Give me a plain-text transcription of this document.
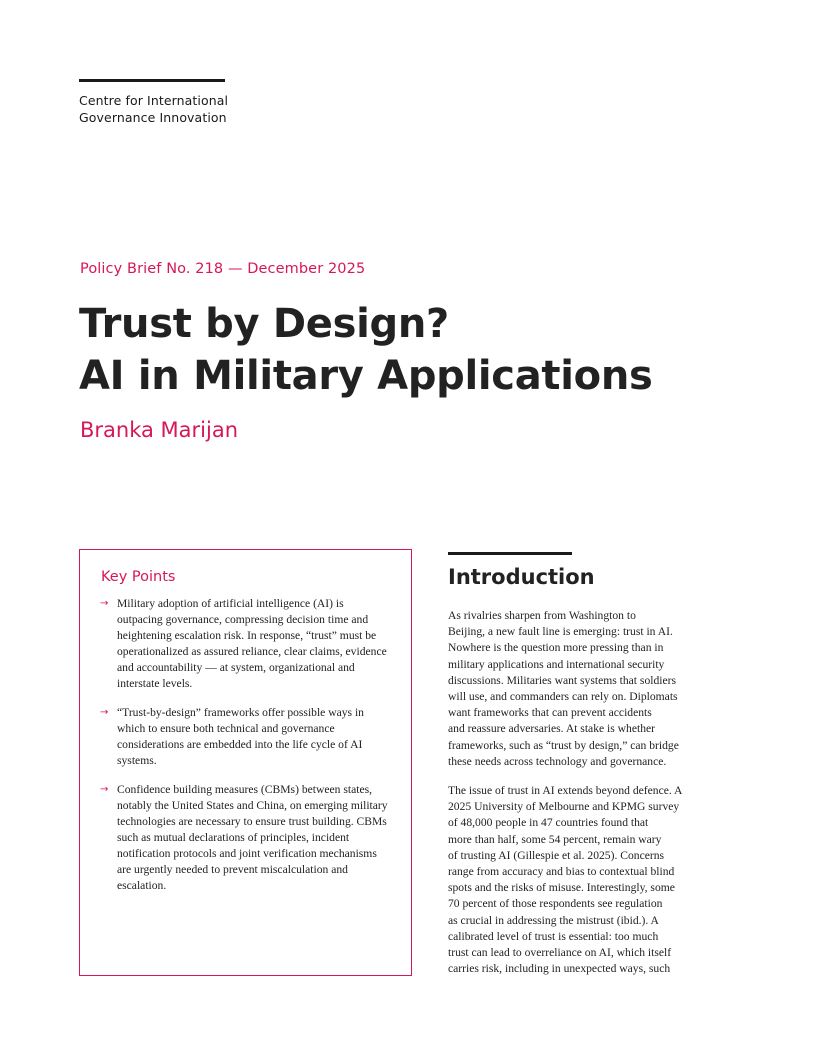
Centre for International
Governance Innovation
Policy Brief No. 218 — December 2025
Trust by Design?
AI in Military Applications
Branka Marijan
Key Points
→ Military adoption of artificial intelligence (AI) is outpacing governance, compressing decision time and heightening escalation risk. In response, “trust” must be operationalized as assured reliance, clear claims, evidence and accountability — at system, organizational and interstate levels.
→ “Trust-by-design” frameworks offer possible ways in which to ensure both technical and governance considerations are embedded into the life cycle of AI systems.
→ Confidence building measures (CBMs) between states, notably the United States and China, on emerging military technologies are necessary to ensure trust building. CBMs such as mutual declarations of principles, incident notification protocols and joint verification mechanisms are urgently needed to prevent miscalculation and escalation.
Introduction

As rivalries sharpen from Washington to
Beijing, a new fault line is emerging: trust in AI.
Nowhere is the question more pressing than in
military applications and international security
discussions. Militaries want systems that soldiers
will use, and commanders can rely on. Diplomats
want frameworks that can prevent accidents
and reassure adversaries. At stake is whether
frameworks, such as “trust by design,” can bridge
these needs across technology and governance.

The issue of trust in AI extends beyond defence. A
2025 University of Melbourne and KPMG survey
of 48,000 people in 47 countries found that
more than half, some 54 percent, remain wary
of trusting AI (Gillespie et al. 2025). Concerns
range from accuracy and bias to contextual blind
spots and the risks of misuse. Interestingly, some
70 percent of those respondents see regulation
as crucial in addressing the mistrust (ibid.). A
calibrated level of trust is essential: too much
trust can lead to overreliance on AI, which itself
carries risk, including in unexpected ways, such
